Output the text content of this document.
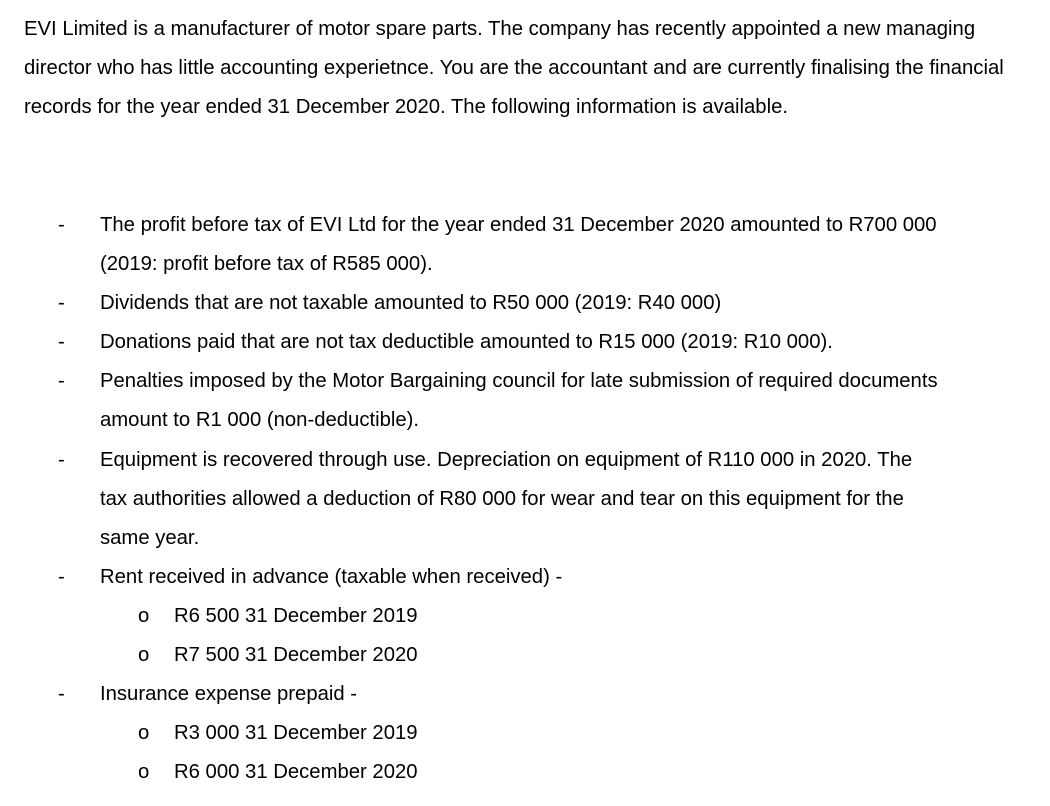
EVI Limited is a manufacturer of motor spare parts. The company has recently appointed a new managing director who has little accounting experietnce. You are the accountant and are currently finalising the financial records for the year ended 31 December 2020. The following information is available.

- The profit before tax of EVI Ltd for the year ended 31 December 2020 amounted to R700 000
(2019: profit before tax of R585 000).
- Dividends that are not taxable amounted to R50 000 (2019: R40 000)
- Donations paid that are not tax deductible amounted to R15 000 (2019: R10 000).
- Penalties imposed by the Motor Bargaining council for late submission of required documents
amount to R1 000 (non-deductible).
- Equipment is recovered through use. Depreciation on equipment of R110 000 in 2020. The
tax authorities allowed a deduction of R80 000 for wear and tear on this equipment for the
same year.
- Rent received in advance (taxable when received) -
o R6 500 31 December 2019
o R7 500 31 December 2020
- Insurance expense prepaid -
o R3 000 31 December 2019
o R6 000 31 December 2020
